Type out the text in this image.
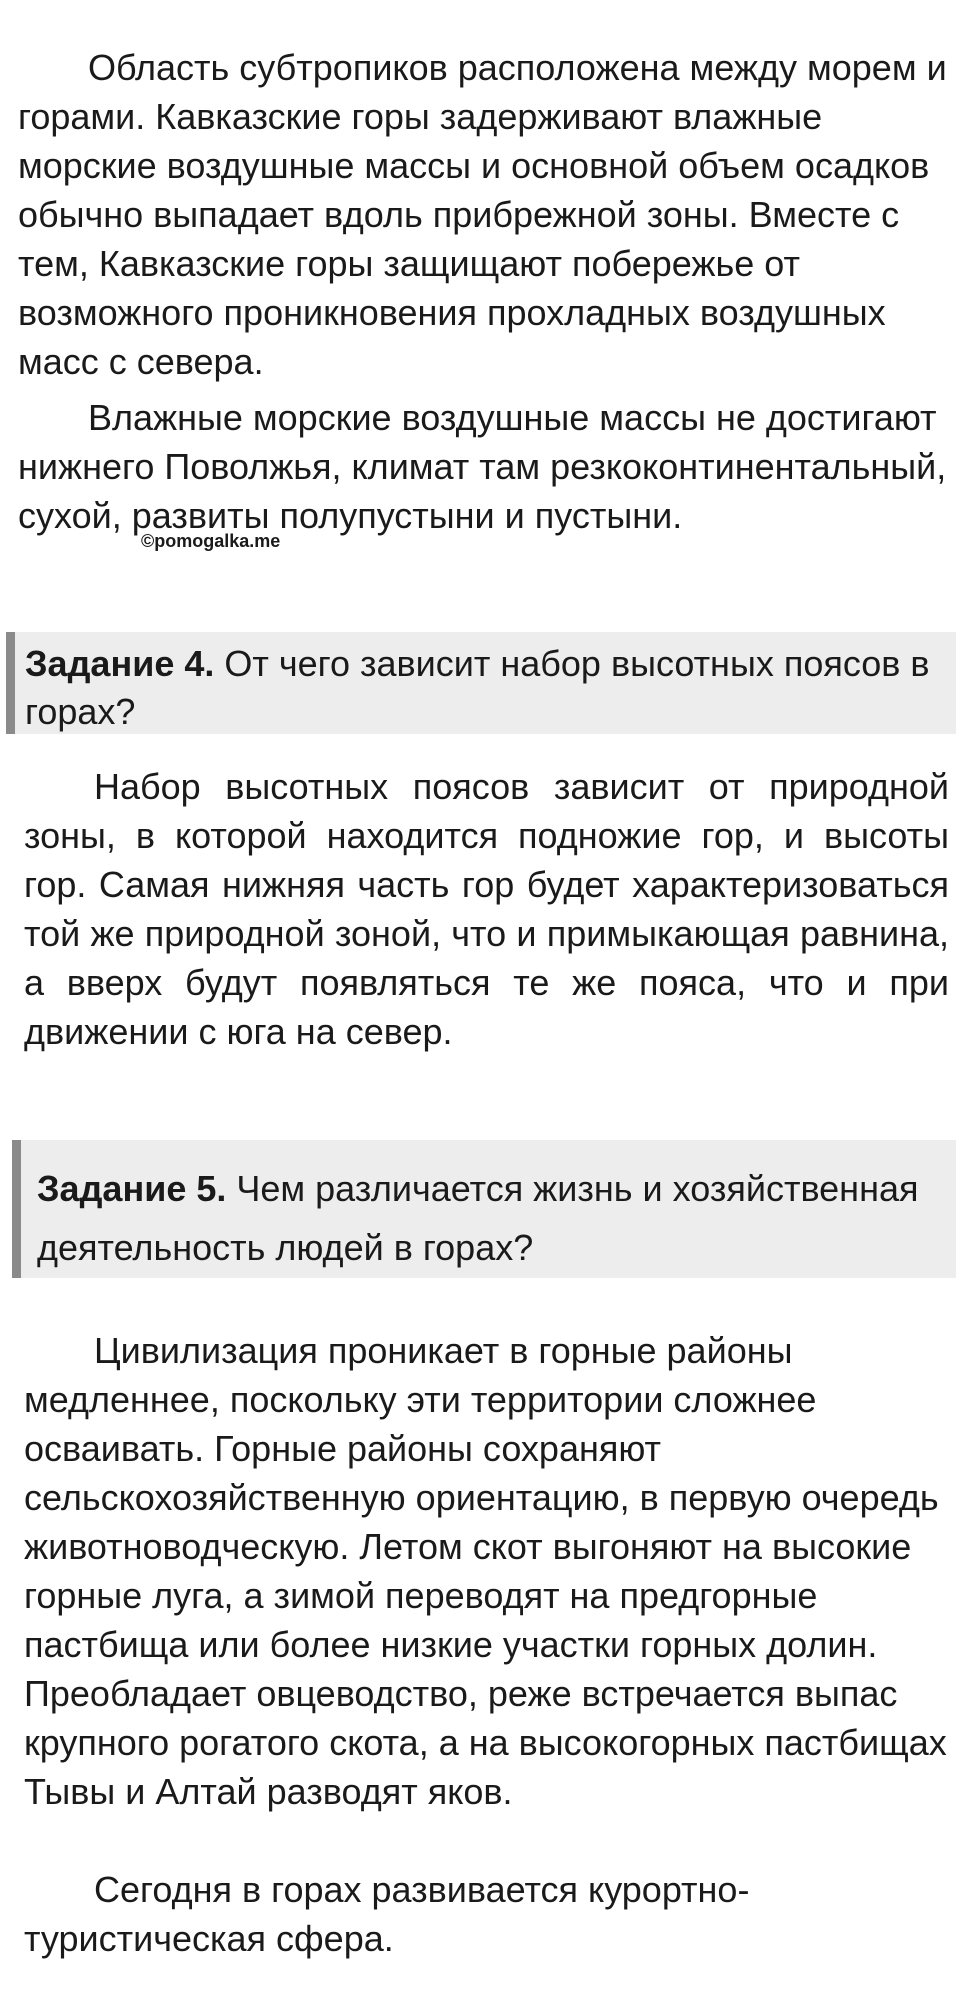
Область субтропиков расположена между морем и горами. Кавказские горы задерживают влажные морские воздушные массы и основной объем осадков обычно выпадает вдоль прибрежной зоны. Вместе с тем, Кавказские горы защищают побережье от возможного проникновения прохладных воздушных масс с севера.

Влажные морские воздушные массы не достигают нижнего Поволжья, климат там резкоконтинентальный, сухой, развиты полупустыни и пустыни.

©pomogalka.me

Задание 4. От чего зависит набор высотных поясов в горах?

Набор высотных поясов зависит от природной зоны, в которой находится подножие гор, и высоты гор. Самая нижняя часть гор будет характеризоваться той же природной зоной, что и примыкающая равнина, а вверх будут появляться те же пояса, что и при движении с юга на север.

Задание 5. Чем различается жизнь и хозяйственная деятельность людей в горах?

Цивилизация проникает в горные районы медленнее, поскольку эти территории сложнее осваивать. Горные районы сохраняют сельскохозяйственную ориентацию, в первую очередь животноводческую. Летом скот выгоняют на высокие горные луга, а зимой переводят на предгорные пастбища или более низкие участки горных долин. Преобладает овцеводство, реже встречается выпас крупного рогатого скота, а на высокогорных пастбищах Тывы и Алтай разводят яков.

Сегодня в горах развивается курортно-туристическая сфера.
